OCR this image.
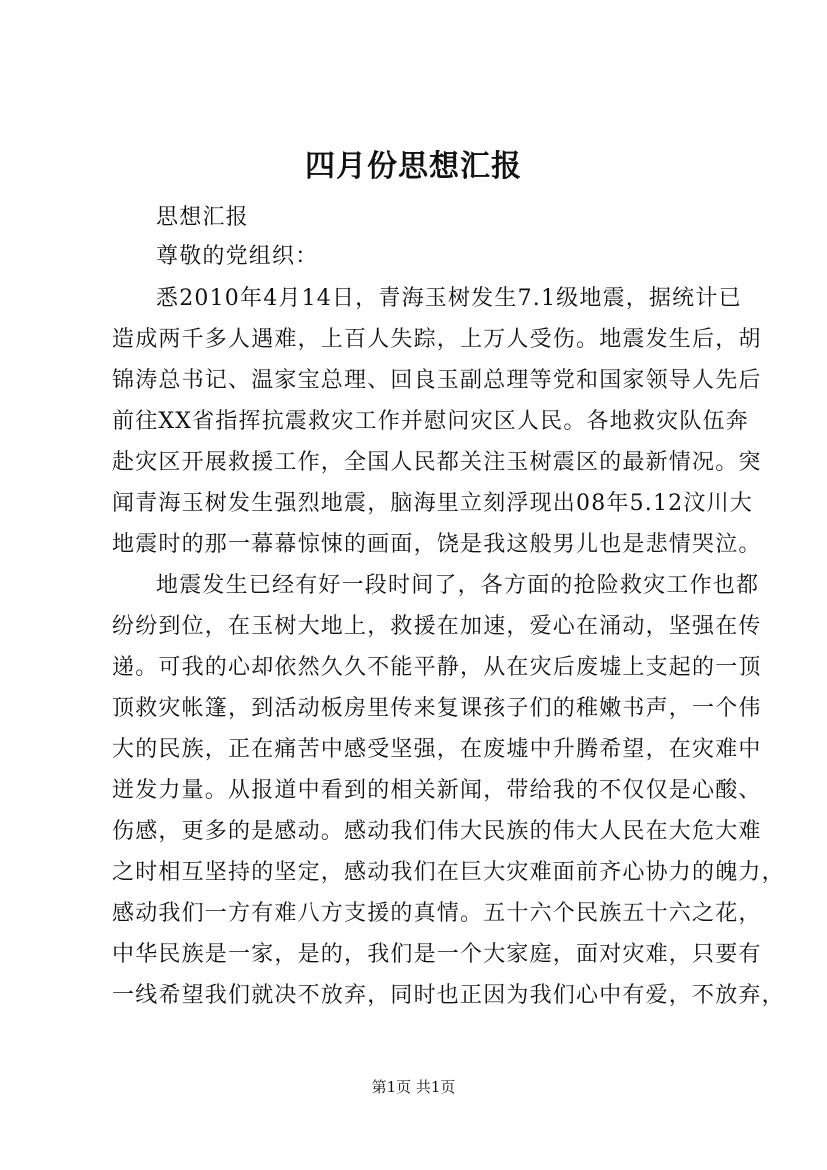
四月份思想汇报
思想汇报
尊敬的党组织：
悉2010年4月14日，青海玉树发生7.1级地震，据统计已
造成两千多人遇难，上百人失踪，上万人受伤。地震发生后，胡
锦涛总书记、温家宝总理、回良玉副总理等党和国家领导人先后
前往XX省指挥抗震救灾工作并慰问灾区人民。各地救灾队伍奔
赴灾区开展救援工作，全国人民都关注玉树震区的最新情况。突
闻青海玉树发生强烈地震，脑海里立刻浮现出08年5.12汶川大
地震时的那一幕幕惊悚的画面，饶是我这般男儿也是悲情哭泣。
地震发生已经有好一段时间了，各方面的抢险救灾工作也都
纷纷到位，在玉树大地上，救援在加速，爱心在涌动，坚强在传
递。可我的心却依然久久不能平静，从在灾后废墟上支起的一顶
顶救灾帐篷，到活动板房里传来复课孩子们的稚嫩书声，一个伟
大的民族，正在痛苦中感受坚强，在废墟中升腾希望，在灾难中
迸发力量。从报道中看到的相关新闻，带给我的不仅仅是心酸、
伤感，更多的是感动。感动我们伟大民族的伟大人民在大危大难
之时相互坚持的坚定，感动我们在巨大灾难面前齐心协力的魄力，
感动我们一方有难八方支援的真情。五十六个民族五十六之花，
中华民族是一家，是的，我们是一个大家庭，面对灾难，只要有
一线希望我们就决不放弃，同时也正因为我们心中有爱，不放弃，
第1页 共1页
